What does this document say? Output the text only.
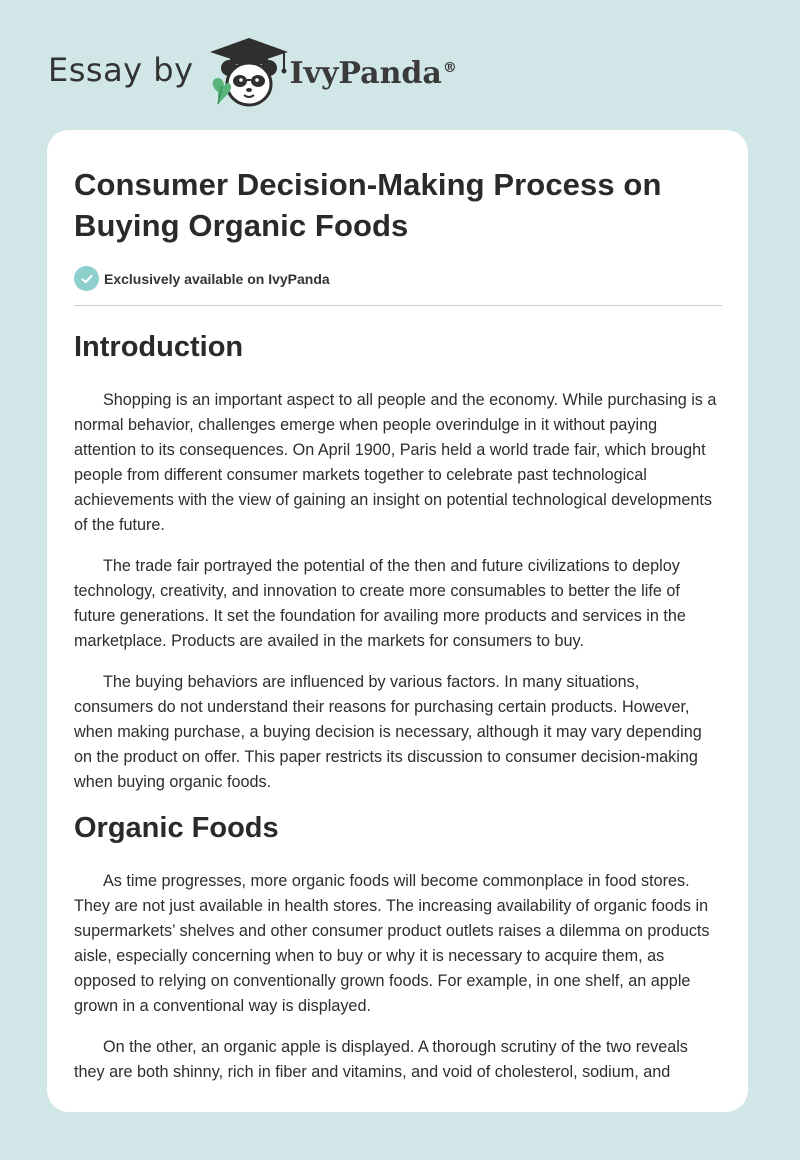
Essay by	IvyPanda®
Consumer Decision-Making Process on Buying Organic Foods
Exclusively available on IvyPanda
Introduction

Shopping is an important aspect to all people and the economy. While purchasing is a normal behavior, challenges emerge when people overindulge in it without paying attention to its consequences. On April 1900, Paris held a world trade fair, which brought people from different consumer markets together to celebrate past technological achievements with the view of gaining an insight on potential technological developments of the future.

The trade fair portrayed the potential of the then and future civilizations to deploy technology, creativity, and innovation to create more consumables to better the life of future generations. It set the foundation for availing more products and services in the marketplace. Products are availed in the markets for consumers to buy.

The buying behaviors are influenced by various factors. In many situations, consumers do not understand their reasons for purchasing certain products. However, when making purchase, a buying decision is necessary, although it may vary depending on the product on offer. This paper restricts its discussion to consumer decision-making when buying organic foods.

Organic Foods

As time progresses, more organic foods will become commonplace in food stores. They are not just available in health stores. The increasing availability of organic foods in supermarkets’ shelves and other consumer product outlets raises a dilemma on products aisle, especially concerning when to buy or why it is necessary to acquire them, as opposed to relying on conventionally grown foods. For example, in one shelf, an apple grown in a conventional way is displayed.

On the other, an organic apple is displayed. A thorough scrutiny of the two reveals they are both shinny, rich in fiber and vitamins, and void of cholesterol, sodium, and
